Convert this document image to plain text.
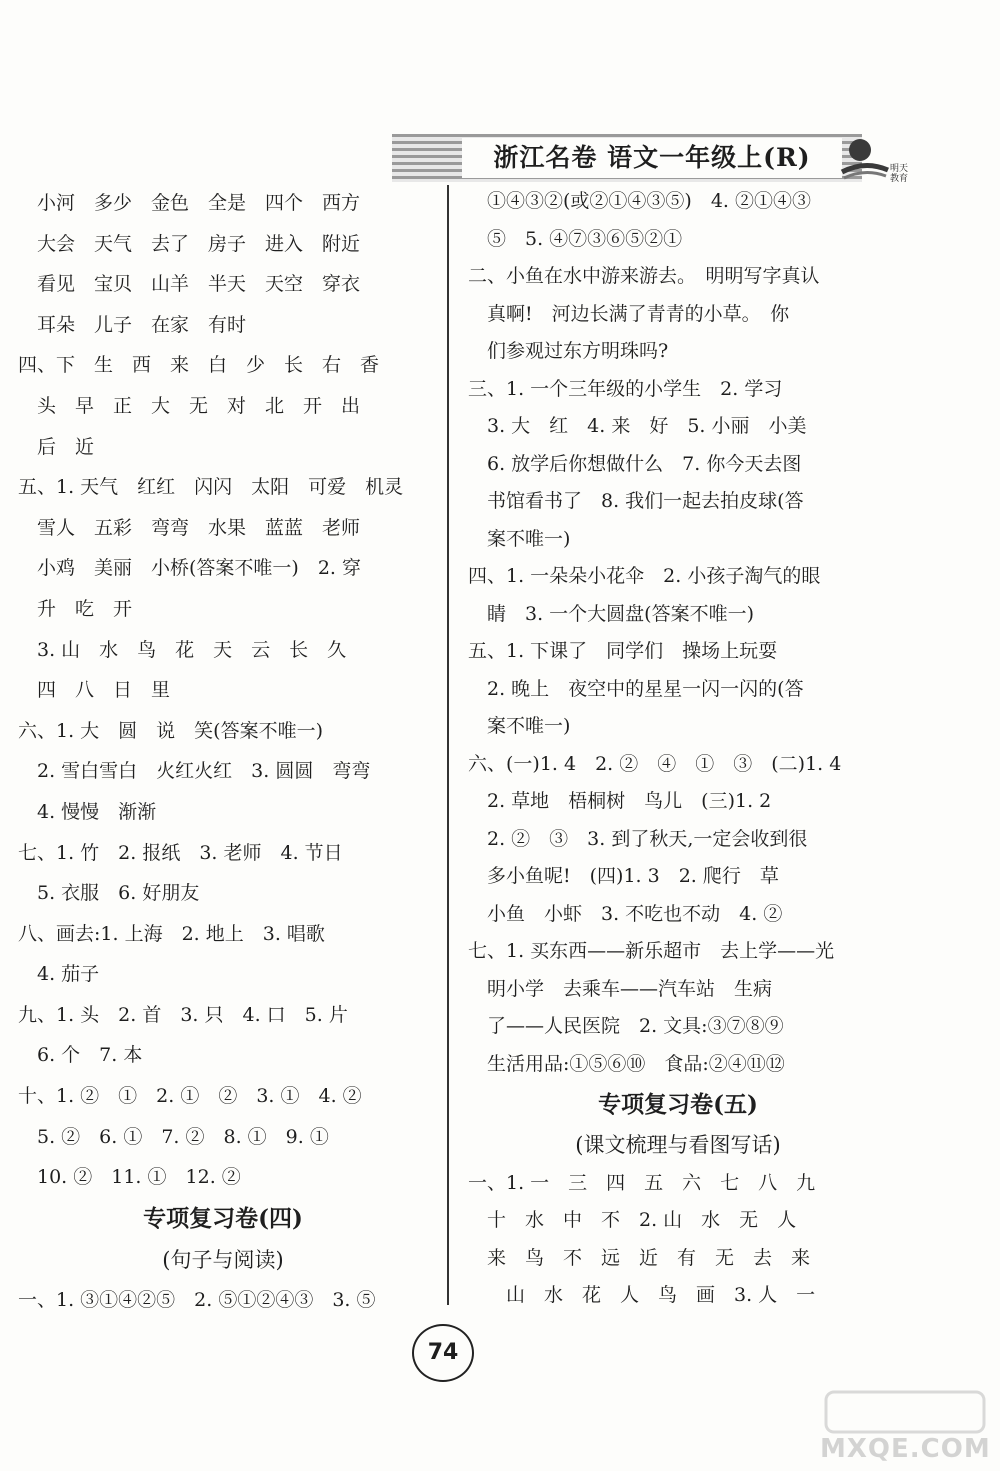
浙江名卷 语文一年级上(R)	明天教育
　小河　多少　金色　全是　四个　西方
　大会　天气　去了　房子　进入　附近
　看见　宝贝　山羊　半天　天空　穿衣
　耳朵　儿子　在家　有时
四、下　生　西　来　白　少　长　右　香
　头　早　正　大　无　对　北　开　出
　后　近
五、1. 天气　红红　闪闪　太阳　可爱　机灵
　雪人　五彩　弯弯　水果　蓝蓝　老师
　小鸡　美丽　小桥(答案不唯一)　2. 穿
　升　吃　开
　3. 山　水　鸟　花　天　云　长　久
　四　八　日　里
六、1. 大　圆　说　笑(答案不唯一)
　2. 雪白雪白　火红火红　3. 圆圆　弯弯
　4. 慢慢　渐渐
七、1. 竹　2. 报纸　3. 老师　4. 节日
　5. 衣服　6. 好朋友
八、画去:1. 上海　2. 地上　3. 唱歌
　4. 茄子
九、1. 头　2. 首　3. 只　4. 口　5. 片
　6. 个　7. 本
十、1. ②　①　2. ①　②　3. ①　4. ②
　5. ②　6. ①　7. ②　8. ①　9. ①
　10. ②　11. ①　12. ②
专项复习卷(四)
(句子与阅读)
一、1. ③①④②⑤　2. ⑤①②④③　3. ⑤
　①④③②(或②①④③⑤)　4. ②①④③
　⑤　5. ④⑦③⑥⑤②①
二、小鱼在水中游来游去。　明明写字真认
　真啊!　河边长满了青青的小草。　你
　们参观过东方明珠吗?
三、1. 一个三年级的小学生　2. 学习
　3. 大　红　4. 来　好　5. 小丽　小美
　6. 放学后你想做什么　7. 你今天去图
　书馆看书了　8. 我们一起去拍皮球(答
　案不唯一)
四、1. 一朵朵小花伞　2. 小孩子淘气的眼
　睛　3. 一个大圆盘(答案不唯一)
五、1. 下课了　同学们　操场上玩耍
　2. 晚上　夜空中的星星一闪一闪的(答
　案不唯一)
六、(一)1. 4　2. ②　④　①　③　(二)1. 4
　2. 草地　梧桐树　鸟儿　(三)1. 2
　2. ②　③　3. 到了秋天,一定会收到很
　多小鱼呢!　(四)1. 3　2. 爬行　草
　小鱼　小虾　3. 不吃也不动　4. ②
七、1. 买东西——新乐超市　去上学——光
　明小学　去乘车——汽车站　生病
　了——人民医院　2. 文具:③⑦⑧⑨
　生活用品:①⑤⑥⑩　食品:②④⑪⑫
专项复习卷(五)
(课文梳理与看图写话)
一、1. 一　三　四　五　六　七　八　九
　十　水　中　不　2. 山　水　无　人
　来　鸟　不　远　近　有　无　去　来
　　山　水　花　人　鸟　画　3. 人　一
74
MXQE.COM
